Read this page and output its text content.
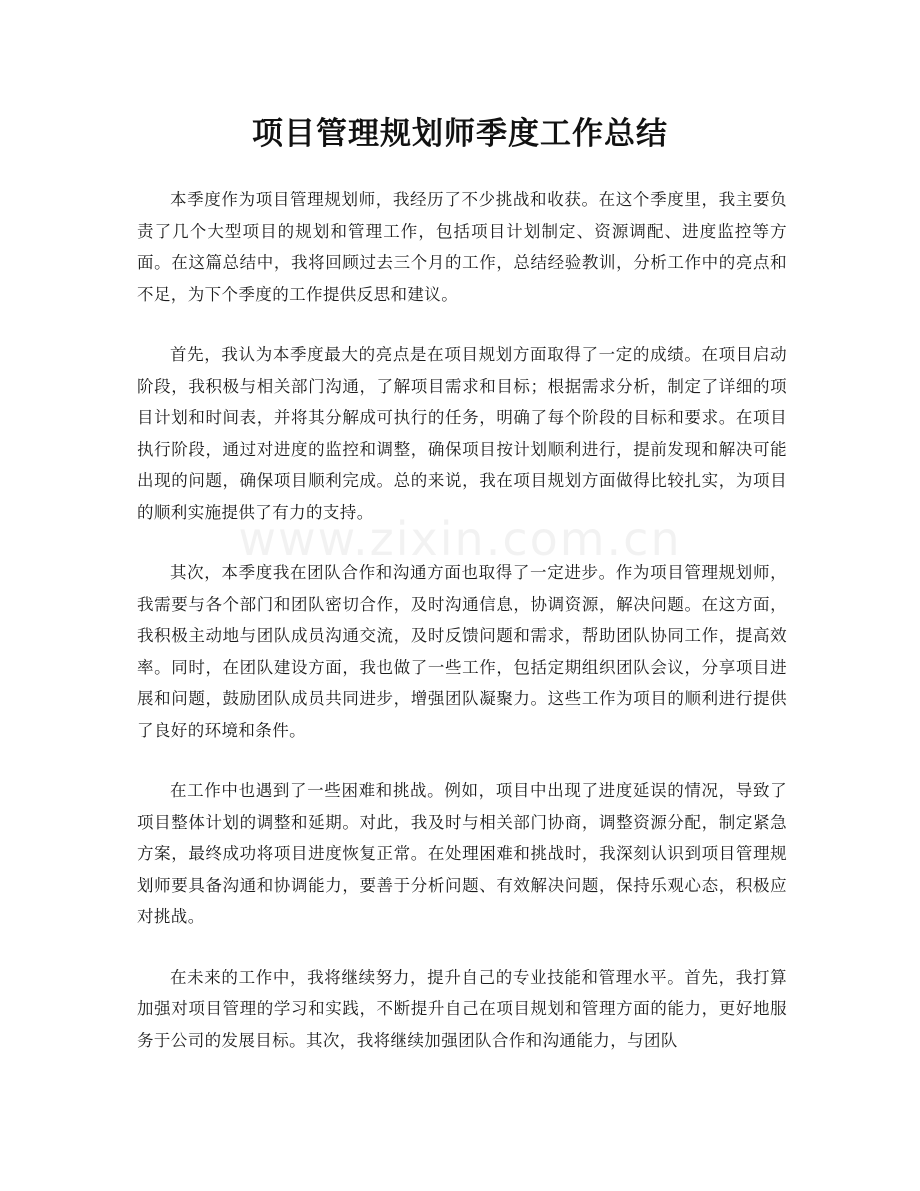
项目管理规划师季度工作总结
www.zixin.com.cn

本季度作为项目管理规划师，我经历了不少挑战和收获。在这个季度里，我主要负责了几个大型项目的规划和管理工作，包括项目计划制定、资源调配、进度监控等方面。在这篇总结中，我将回顾过去三个月的工作，总结经验教训，分析工作中的亮点和不足，为下个季度的工作提供反思和建议。

首先，我认为本季度最大的亮点是在项目规划方面取得了一定的成绩。在项目启动阶段，我积极与相关部门沟通，了解项目需求和目标；根据需求分析，制定了详细的项目计划和时间表，并将其分解成可执行的任务，明确了每个阶段的目标和要求。在项目执行阶段，通过对进度的监控和调整，确保项目按计划顺利进行，提前发现和解决可能出现的问题，确保项目顺利完成。总的来说，我在项目规划方面做得比较扎实，为项目的顺利实施提供了有力的支持。

其次，本季度我在团队合作和沟通方面也取得了一定进步。作为项目管理规划师，我需要与各个部门和团队密切合作，及时沟通信息，协调资源，解决问题。在这方面，我积极主动地与团队成员沟通交流，及时反馈问题和需求，帮助团队协同工作，提高效率。同时，在团队建设方面，我也做了一些工作，包括定期组织团队会议，分享项目进展和问题，鼓励团队成员共同进步，增强团队凝聚力。这些工作为项目的顺利进行提供了良好的环境和条件。

在工作中也遇到了一些困难和挑战。例如，项目中出现了进度延误的情况，导致了项目整体计划的调整和延期。对此，我及时与相关部门协商，调整资源分配，制定紧急方案，最终成功将项目进度恢复正常。在处理困难和挑战时，我深刻认识到项目管理规划师要具备沟通和协调能力，要善于分析问题、有效解决问题，保持乐观心态，积极应对挑战。

在未来的工作中，我将继续努力，提升自己的专业技能和管理水平。首先，我打算加强对项目管理的学习和实践，不断提升自己在项目规划和管理方面的能力，更好地服务于公司的发展目标。其次，我将继续加强团队合作和沟通能力，与团队
